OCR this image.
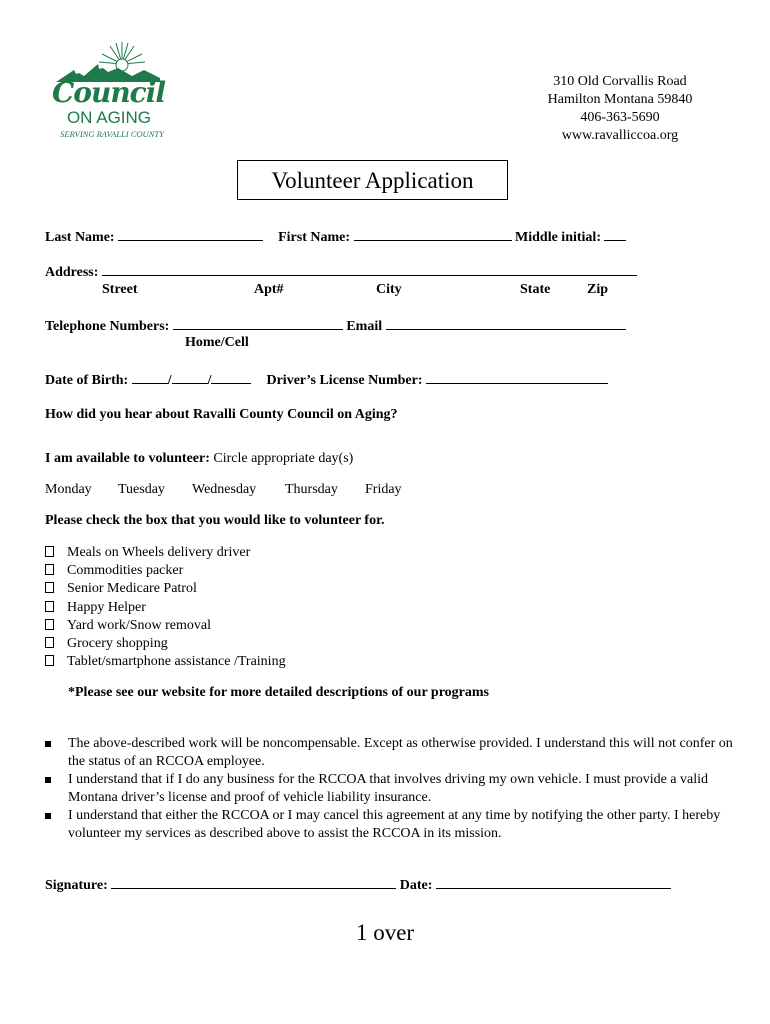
Council
ON AGING
SERVING RAVALLI COUNTY
310 Old Corvallis Road
Hamilton Montana 59840
406-363-5690
www.ravalliccoa.org
Volunteer Application
Last Name:	First Name:	Middle initial:
Address:
Street	Apt#	City	State	Zip
Telephone Numbers:	Email
Home/Cell
Date of Birth:	/	/	Driver’s License Number:
How did you hear about Ravalli County Council on Aging?
I am available to volunteer: Circle appropriate day(s)
Monday Tuesday Wednesday Thursday Friday
Please check the box that you would like to volunteer for.
Meals on Wheels delivery driver
Commodities packer
Senior Medicare Patrol
Happy Helper
Yard work/Snow removal
Grocery shopping
Tablet/smartphone assistance /Training
*Please see our website for more detailed descriptions of our programs
The above-described work will be noncompensable. Except as otherwise provided. I understand this will not confer on the status of an RCCOA employee.
I understand that if I do any business for the RCCOA that involves driving my own vehicle. I must provide a valid Montana driver’s license and proof of vehicle liability insurance.
I understand that either the RCCOA or I may cancel this agreement at any time by notifying the other party. I hereby volunteer my services as described above to assist the RCCOA in its mission.
Signature:	Date:
1 over
